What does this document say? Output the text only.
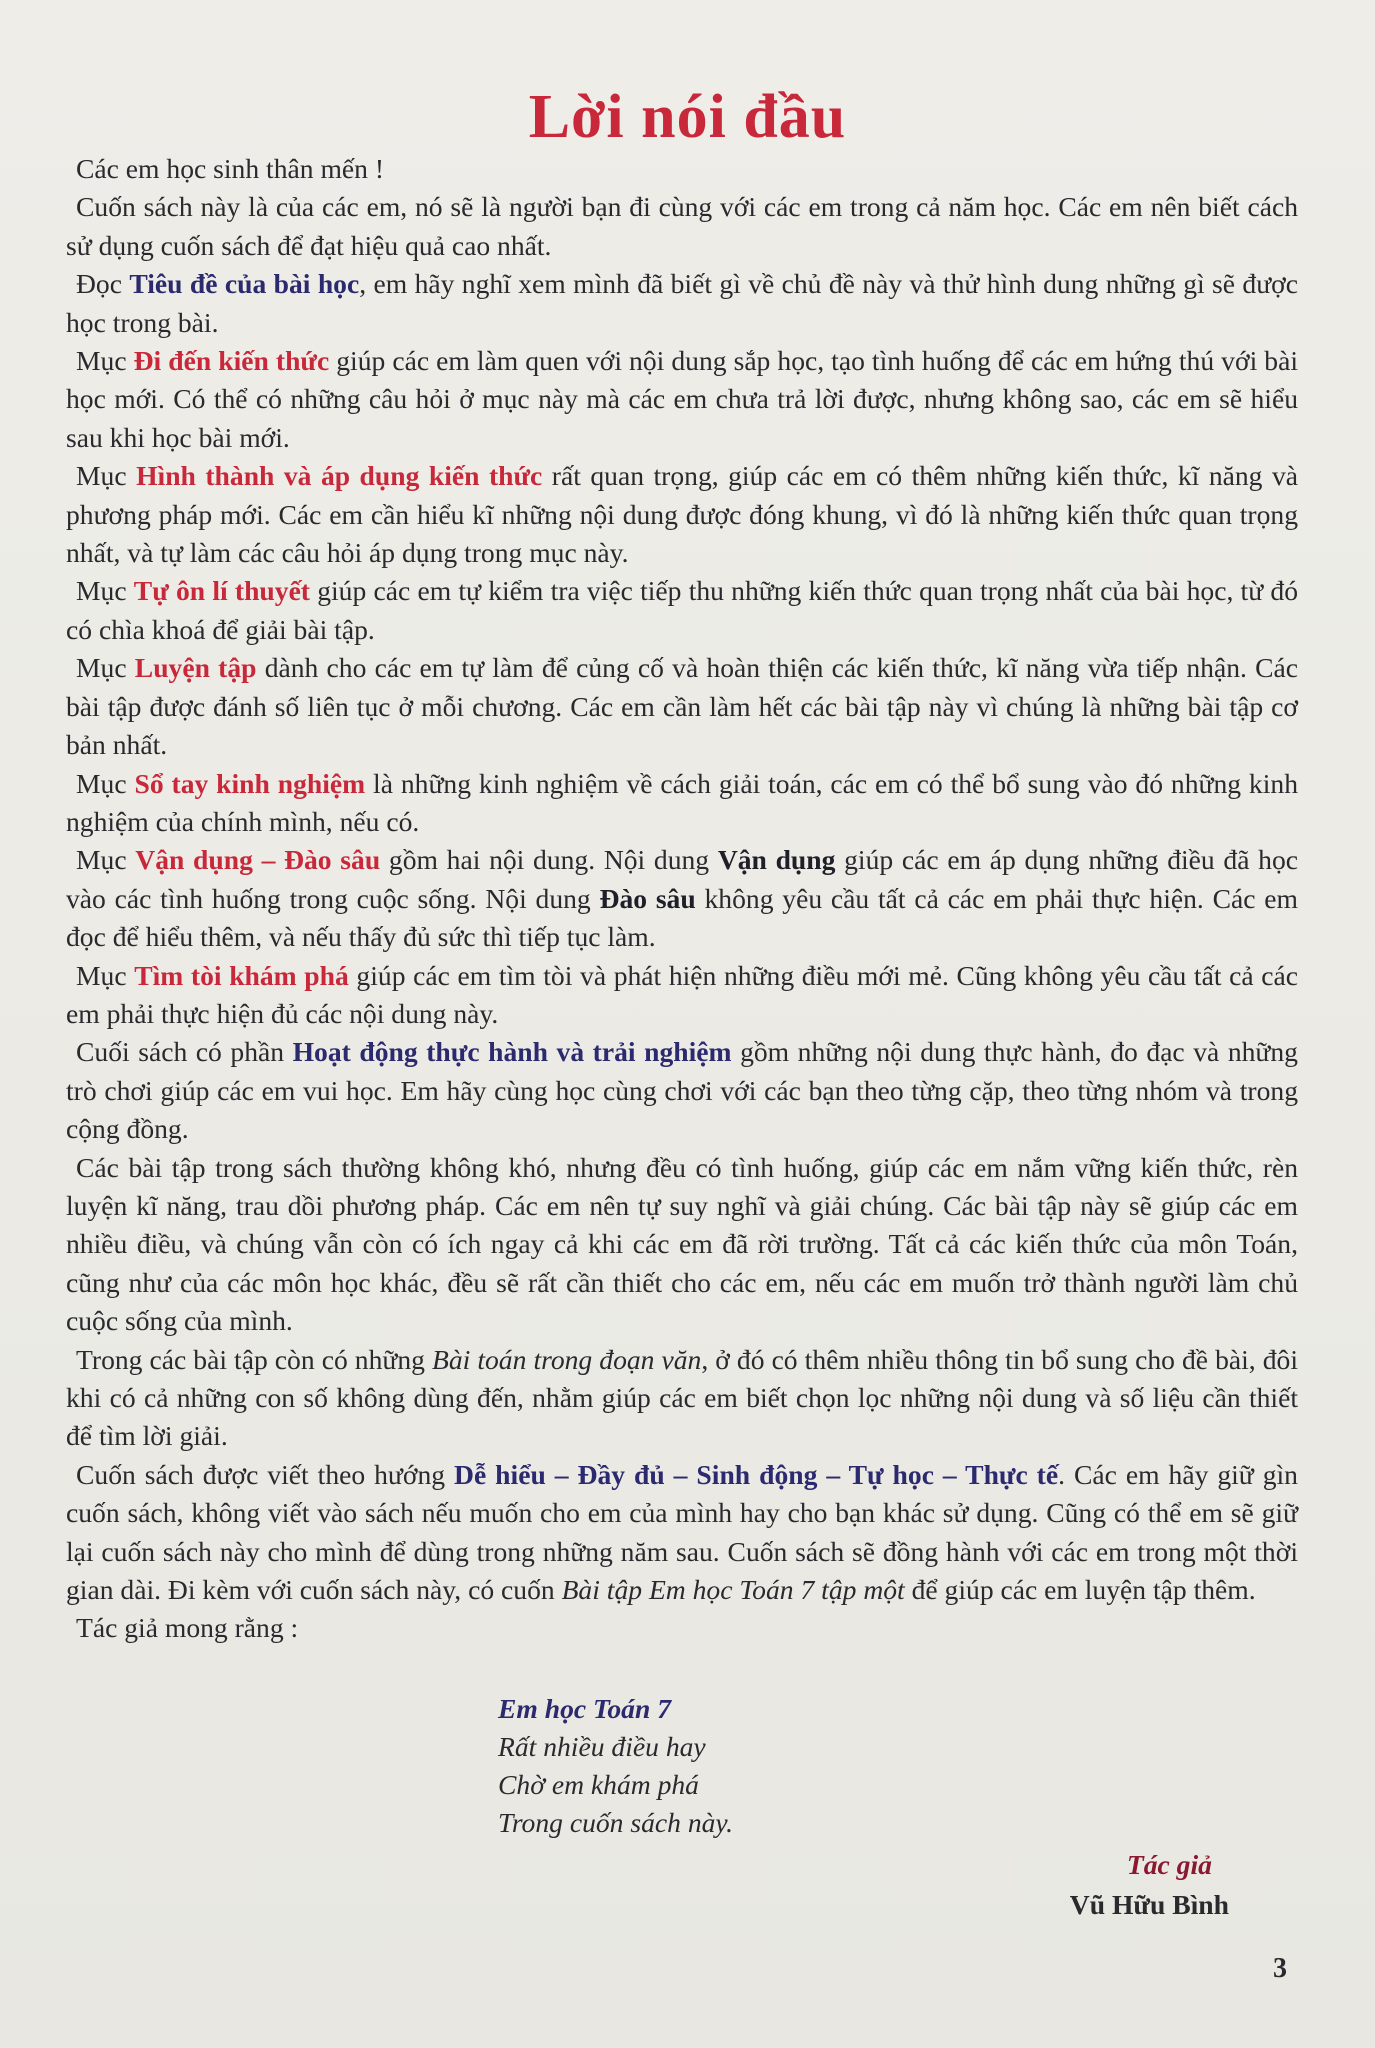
Lời nói đầu

Các em học sinh thân mến !

Cuốn sách này là của các em, nó sẽ là người bạn đi cùng với các em trong cả năm học. Các em nên biết cách sử dụng cuốn sách để đạt hiệu quả cao nhất.

Đọc Tiêu đề của bài học, em hãy nghĩ xem mình đã biết gì về chủ đề này và thử hình dung những gì sẽ được học trong bài.

Mục Đi đến kiến thức giúp các em làm quen với nội dung sắp học, tạo tình huống để các em hứng thú với bài học mới. Có thể có những câu hỏi ở mục này mà các em chưa trả lời được, nhưng không sao, các em sẽ hiểu sau khi học bài mới.

Mục Hình thành và áp dụng kiến thức rất quan trọng, giúp các em có thêm những kiến thức, kĩ năng và phương pháp mới. Các em cần hiểu kĩ những nội dung được đóng khung, vì đó là những kiến thức quan trọng nhất, và tự làm các câu hỏi áp dụng trong mục này.

Mục Tự ôn lí thuyết giúp các em tự kiểm tra việc tiếp thu những kiến thức quan trọng nhất của bài học, từ đó có chìa khoá để giải bài tập.

Mục Luyện tập dành cho các em tự làm để củng cố và hoàn thiện các kiến thức, kĩ năng vừa tiếp nhận. Các bài tập được đánh số liên tục ở mỗi chương. Các em cần làm hết các bài tập này vì chúng là những bài tập cơ bản nhất.

Mục Sổ tay kinh nghiệm là những kinh nghiệm về cách giải toán, các em có thể bổ sung vào đó những kinh nghiệm của chính mình, nếu có.

Mục Vận dụng – Đào sâu gồm hai nội dung. Nội dung Vận dụng giúp các em áp dụng những điều đã học vào các tình huống trong cuộc sống. Nội dung Đào sâu không yêu cầu tất cả các em phải thực hiện. Các em đọc để hiểu thêm, và nếu thấy đủ sức thì tiếp tục làm.

Mục Tìm tòi khám phá giúp các em tìm tòi và phát hiện những điều mới mẻ. Cũng không yêu cầu tất cả các em phải thực hiện đủ các nội dung này.

Cuối sách có phần Hoạt động thực hành và trải nghiệm gồm những nội dung thực hành, đo đạc và những trò chơi giúp các em vui học. Em hãy cùng học cùng chơi với các bạn theo từng cặp, theo từng nhóm và trong cộng đồng.

Các bài tập trong sách thường không khó, nhưng đều có tình huống, giúp các em nắm vững kiến thức, rèn luyện kĩ năng, trau dồi phương pháp. Các em nên tự suy nghĩ và giải chúng. Các bài tập này sẽ giúp các em nhiều điều, và chúng vẫn còn có ích ngay cả khi các em đã rời trường. Tất cả các kiến thức của môn Toán, cũng như của các môn học khác, đều sẽ rất cần thiết cho các em, nếu các em muốn trở thành người làm chủ cuộc sống của mình.

Trong các bài tập còn có những Bài toán trong đoạn văn, ở đó có thêm nhiều thông tin bổ sung cho đề bài, đôi khi có cả những con số không dùng đến, nhằm giúp các em biết chọn lọc những nội dung và số liệu cần thiết để tìm lời giải.

Cuốn sách được viết theo hướng Dễ hiểu – Đầy đủ – Sinh động – Tự học – Thực tế. Các em hãy giữ gìn cuốn sách, không viết vào sách nếu muốn cho em của mình hay cho bạn khác sử dụng. Cũng có thể em sẽ giữ lại cuốn sách này cho mình để dùng trong những năm sau. Cuốn sách sẽ đồng hành với các em trong một thời gian dài. Đi kèm với cuốn sách này, có cuốn Bài tập Em học Toán 7 tập một để giúp các em luyện tập thêm.

Tác giả mong rằng :

Em học Toán 7
Rất nhiều điều hay
Chờ em khám phá
Trong cuốn sách này.
Tác giả
Vũ Hữu Bình
3
